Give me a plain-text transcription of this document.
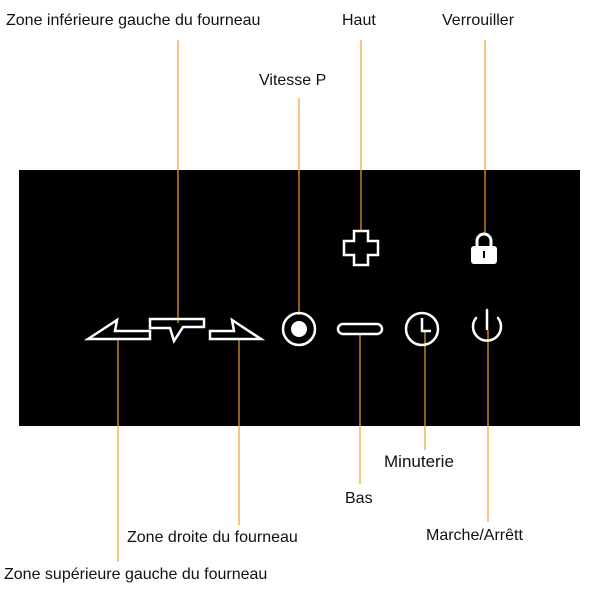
Zone inférieure gauche du fourneau	Haut	Verrouiller
Vitesse P
Minuterie
Bas
Zone droite du fourneau	Marche/Arrêtt
Zone supérieure gauche du fourneau
